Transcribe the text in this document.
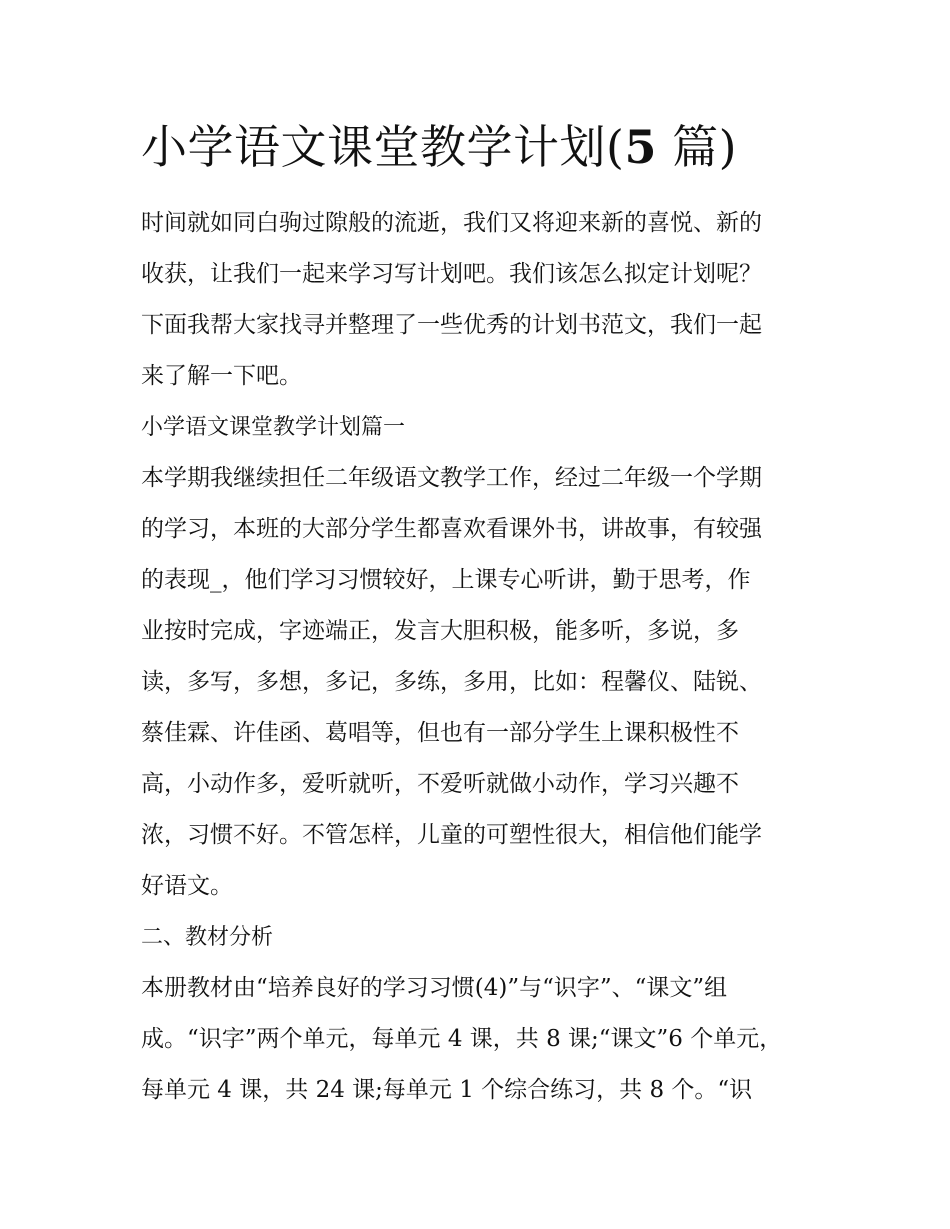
小学语文课堂教学计划(5 篇)
时间就如同白驹过隙般的流逝，我们又将迎来新的喜悦、新的
收获，让我们一起来学习写计划吧。我们该怎么拟定计划呢？
下面我帮大家找寻并整理了一些优秀的计划书范文，我们一起
来了解一下吧。
小学语文课堂教学计划篇一
本学期我继续担任二年级语文教学工作，经过二年级一个学期
的学习，本班的大部分学生都喜欢看课外书，讲故事，有较强
的表现_，他们学习习惯较好，上课专心听讲，勤于思考，作
业按时完成，字迹端正，发言大胆积极，能多听，多说，多
读，多写，多想，多记，多练，多用，比如：程馨仪、陆锐、
蔡佳霖、许佳函、葛唱等，但也有一部分学生上课积极性不
高，小动作多，爱听就听，不爱听就做小动作，学习兴趣不
浓，习惯不好。不管怎样，儿童的可塑性很大，相信他们能学
好语文。
二、教材分析
本册教材由“培养良好的学习习惯(4)”与“识字”、“课文”组
成。“识字”两个单元，每单元 4 课，共 8 课;“课文”6 个单元，
每单元 4 课，共 24 课;每单元 1 个综合练习，共 8 个。“识
